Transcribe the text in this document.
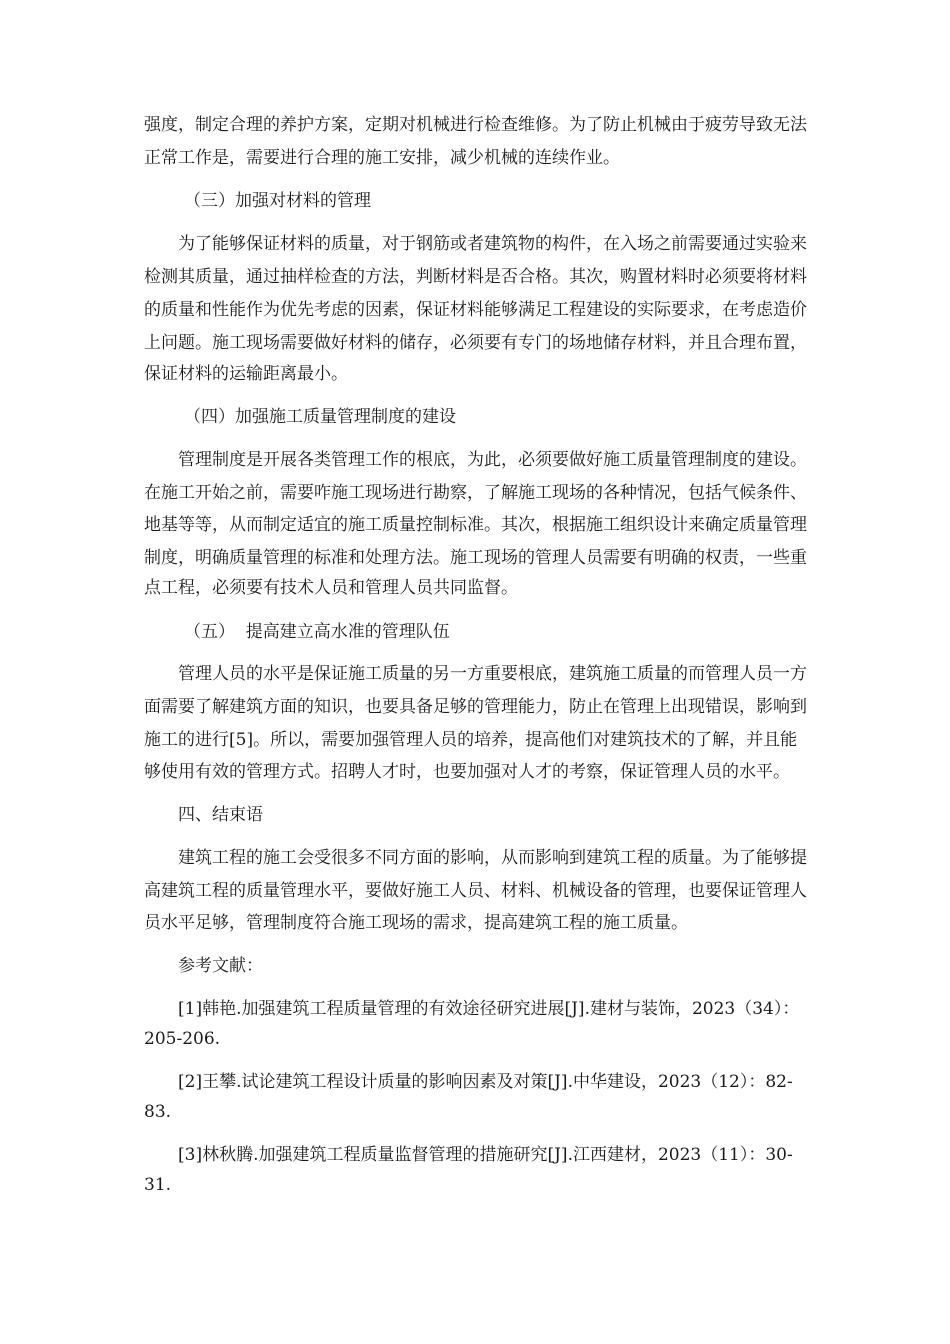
强度，制定合理的养护方案，定期对机械进行检查维修。为了防止机械由于疲劳导致无法
正常工作是，需要进行合理的施工安排，减少机械的连续作业。
（三）加强对材料的管理
为了能够保证材料的质量，对于钢筋或者建筑物的构件，在入场之前需要通过实验来
检测其质量，通过抽样检查的方法，判断材料是否合格。其次，购置材料时必须要将材料
的质量和性能作为优先考虑的因素，保证材料能够满足工程建设的实际要求，在考虑造价
上问题。施工现场需要做好材料的储存，必须要有专门的场地储存材料，并且合理布置，
保证材料的运输距离最小。
（四）加强施工质量管理制度的建设
管理制度是开展各类管理工作的根底，为此，必须要做好施工质量管理制度的建设。
在施工开始之前，需要咋施工现场进行勘察，了解施工现场的各种情况，包括气候条件、
地基等等，从而制定适宜的施工质量控制标准。其次，根据施工组织设计来确定质量管理
制度，明确质量管理的标准和处理方法。施工现场的管理人员需要有明确的权责，一些重
点工程，必须要有技术人员和管理人员共同监督。
（五）  提高建立高水准的管理队伍
管理人员的水平是保证施工质量的另一方重要根底，建筑施工质量的而管理人员一方
面需要了解建筑方面的知识，也要具备足够的管理能力，防止在管理上出现错误，影响到
施工的进行[5]。所以，需要加强管理人员的培养，提高他们对建筑技术的了解，并且能
够使用有效的管理方式。招聘人才时，也要加强对人才的考察，保证管理人员的水平。
四、结束语
建筑工程的施工会受很多不同方面的影响，从而影响到建筑工程的质量。为了能够提
高建筑工程的质量管理水平，要做好施工人员、材料、机械设备的管理，也要保证管理人
员水平足够，管理制度符合施工现场的需求，提高建筑工程的施工质量。
参考文献：
[1]韩艳.加强建筑工程质量管理的有效途径研究进展[J].建材与装饰，2023（34）：
205-206.
[2]王攀.试论建筑工程设计质量的影响因素及对策[J].中华建设，2023（12）：82-
83.
[3]林秋腾.加强建筑工程质量监督管理的措施研究[J].江西建材，2023（11）：30-
31.
